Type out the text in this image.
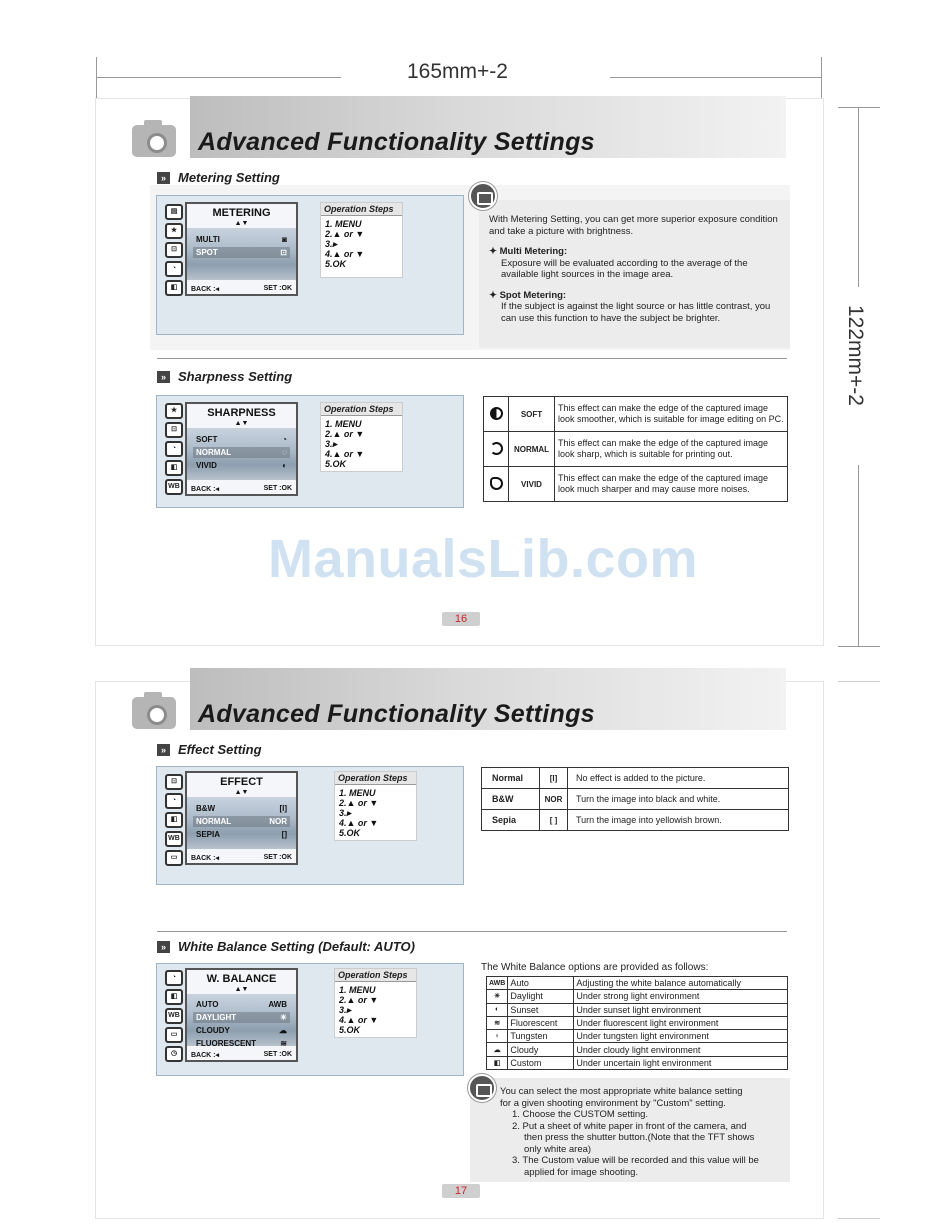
165mm+-2
122mm+-2
Advanced Functionality Settings
» Metering Setting
▤
★
⊡
◔
◧
METERING
▲▼
MULTI	◙
SPOT	⊡
BACK :◂	SET :OK
Operation Steps
1. MENU
2.▲ or ▼
3.▸
4.▲ or ▼
5.OK
With Metering Setting, you can get more superior exposure condition and take a picture with brightness.
✦ Multi Metering:
Exposure will be evaluated according to the average of the available light sources in the image area.
✦ Spot Metering:
If the subject is against the light source or has little contrast, you can use this function to have the subject be brighter.
» Sharpness Setting
★
⊡
◔
◧
WB
SHARPNESS
▲▼
SOFT	◔
NORMAL	◌
VIVID	◐
BACK :◂	SET :OK
Operation Steps
1. MENU
2.▲ or ▼
3.▸
4.▲ or ▼
5.OK
	SOFT	This effect can make the edge of the captured image look smoother, which is suitable for image editing on PC.
	NORMAL	This effect can make the edge of the captured image look sharp, which is suitable for printing out.
	VIVID	This effect can make the edge of the captured image look much sharper and may cause more noises.
ManualsLib.com
16
Advanced Functionality Settings
» Effect Setting
⊡
◔
◧
WB
▭
EFFECT
▲▼
B&W	[I]
NORMAL	NOR
SEPIA	[]
BACK :◂	SET :OK
Operation Steps
1. MENU
2.▲ or ▼
3.▸
4.▲ or ▼
5.OK
Normal	[I]	No effect is added to the picture.
B&W	NOR	Turn the image into black and white.
Sepia	[ ]	Turn the image into yellowish brown.
» White Balance Setting (Default: AUTO)
◔
◧
WB
▭
◷
W. BALANCE
▲▼
AUTO	AWB
DAYLIGHT	☀
CLOUDY	☁
FLUORESCENT	≋
BACK :◂	SET :OK
Operation Steps
1. MENU
2.▲ or ▼
3.▸
4.▲ or ▼
5.OK
The White Balance options are provided as follows:
AWB	Auto	Adjusting the white balance automatically
☀	Daylight	Under strong light environment
◐	Sunset	Under sunset light environment
≋	Fluorescent	Under fluorescent light environment
♀	Tungsten	Under tungsten light environment
☁	Cloudy	Under cloudy light environment
◧	Custom	Under uncertain light environment
You can select the most appropriate white balance setting
for a given shooting environment by "Custom" setting.
1. Choose the CUSTOM setting.
2. Put a sheet of white paper in front of the camera, and
then press the shutter button.(Note that the TFT shows
only white area)
3. The Custom value will be recorded and this value will be
applied for image shooting.
17
